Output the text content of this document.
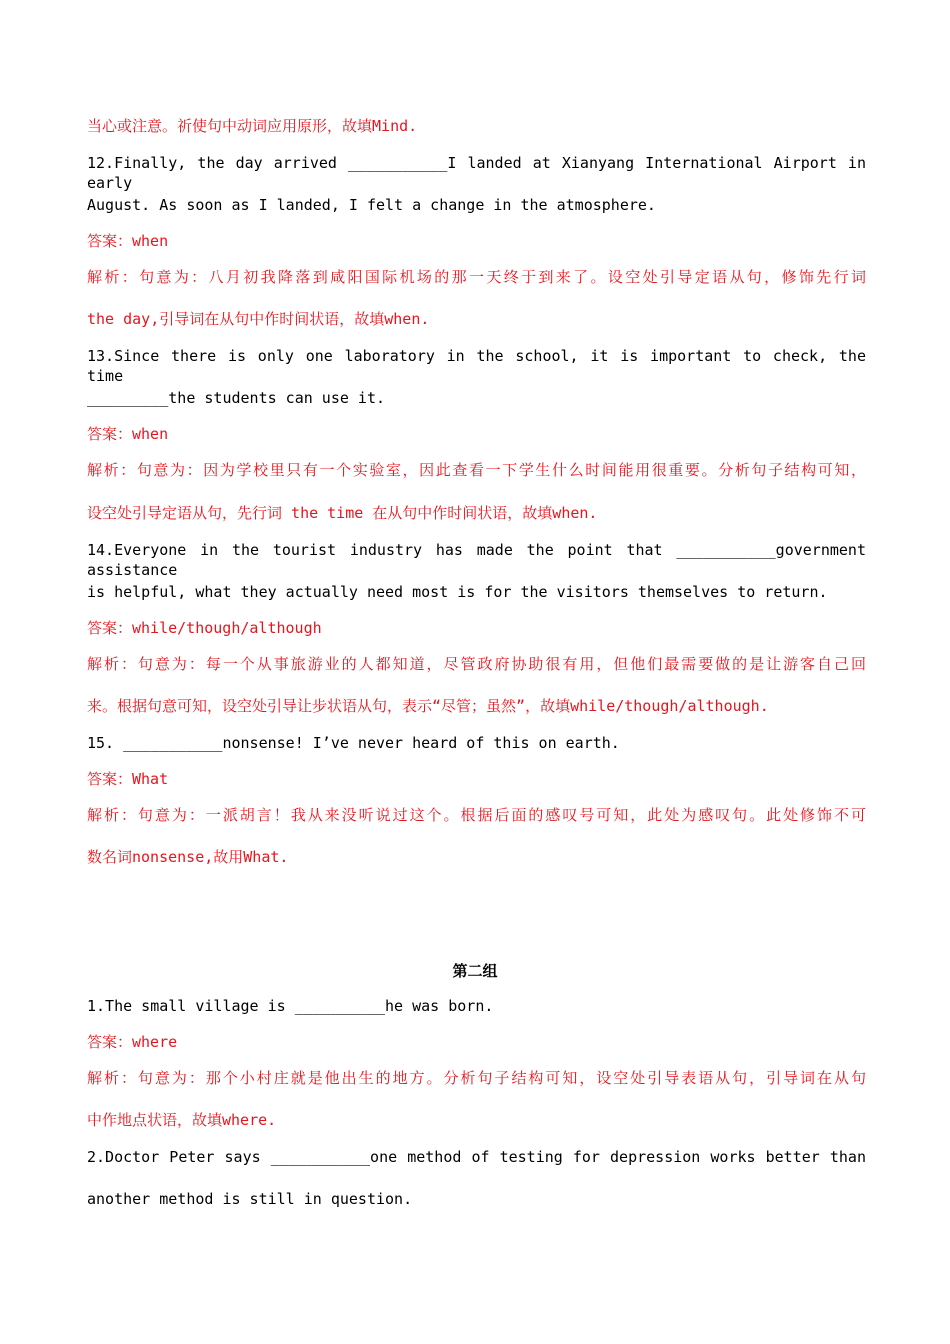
当心或注意。祈使句中动词应用原形，故填Mind.
12.Finally, the day arrived ___________I landed at Xianyang International Airport in early
August. As soon as I landed, I felt a change in the atmosphere.
答案：when
解析：句意为：八月初我降落到咸阳国际机场的那一天终于到来了。设空处引导定语从句，修饰先行词
the day,引导词在从句中作时间状语，故填when.
13.Since there is only one laboratory in the school, it is important to check, the time
_________the students can use it.
答案：when
解析：句意为：因为学校里只有一个实验室，因此查看一下学生什么时间能用很重要。分析句子结构可知，
设空处引导定语从句，先行词 the time 在从句中作时间状语，故填when.
14.Everyone in the tourist industry has made the point that ___________government assistance
is helpful, what they actually need most is for the visitors themselves to return.
答案：while/though/although
解析：句意为：每一个从事旅游业的人都知道，尽管政府协助很有用，但他们最需要做的是让游客自己回
来。根据句意可知，设空处引导让步状语从句，表示“尽管；虽然”，故填while/though/although.
15. ___________nonsense! I’ve never heard of this on earth.
答案：What
解析：句意为：一派胡言！我从来没听说过这个。根据后面的感叹号可知，此处为感叹句。此处修饰不可
数名词nonsense,故用What.
第二组
1.The small village is __________he was born.
答案：where
解析：句意为：那个小村庄就是他出生的地方。分析句子结构可知，设空处引导表语从句，引导词在从句
中作地点状语，故填where.
2.Doctor Peter says ___________one method of testing for depression works better than
another method is still in question.
